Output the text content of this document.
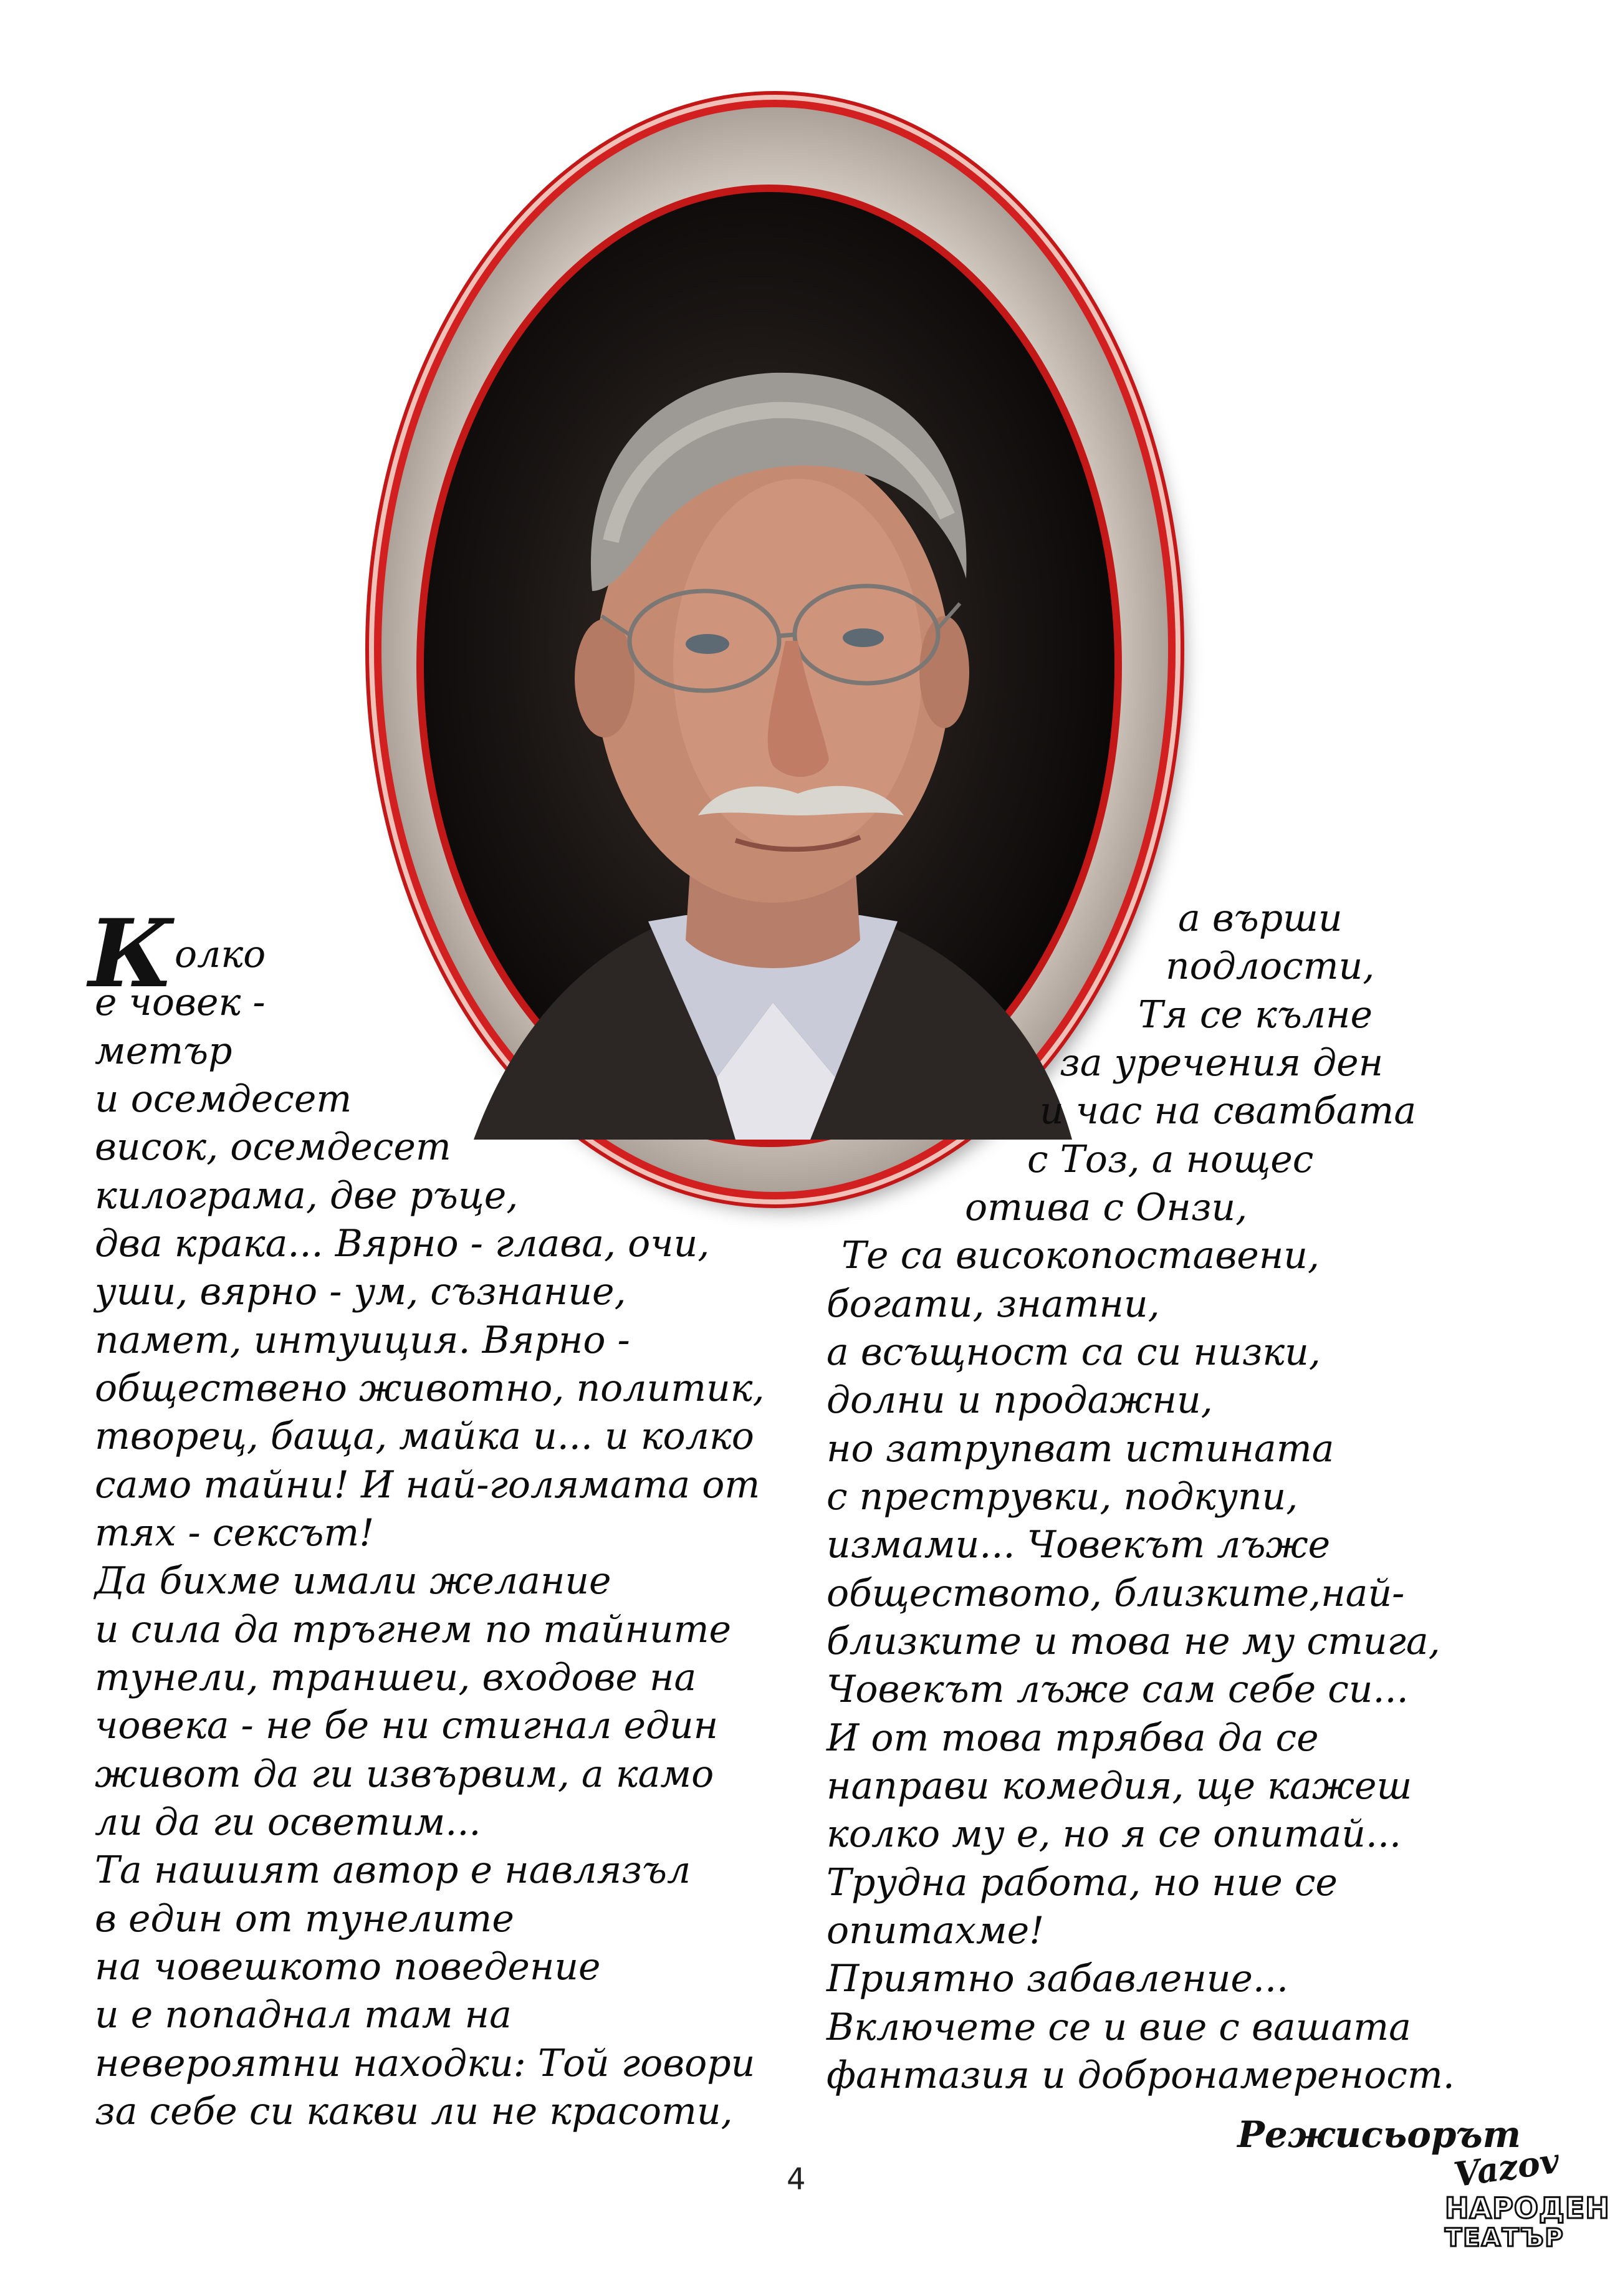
К олко
е човек -
метър
и осемдесет
висок, осемдесет
килограма, две ръце,
два крака... Вярно - глава, очи,
уши, вярно - ум, съзнание,
памет, интуиция. Вярно -
обществено животно, политик,
творец, баща, майка и... и колко
само тайни! И най-голямата от
тях - сексът!
Да бихме имали желание
и сила да тръгнем по тайните
тунели, траншеи, входове на
човека - не бе ни стигнал един
живот да ги извървим, а камо
ли да ги осветим...
Та нашият автор е навлязъл
в един от тунелите
на човешкото поведение
и е попаднал там на
невероятни находки: Той говори
за себе си какви ли не красоти,
а върши
подлости,
Тя се кълне
за уречения ден
и час на сватбата
с Тоз, а нощес
отива с Онзи,
Те са високопоставени,
богати, знатни,
а всъщност са си низки,
долни и продажни,
но затрупват истината
с преструвки, подкупи,
измами... Човекът лъже
обществото, близките,най-
близките и това не му стига,
Човекът лъже сам себе си...
И от това трябва да се
направи комедия, ще кажеш
колко му е, но я се опитай...
Трудна работа, но ние се
опитахме!
Приятно забавление...
Включете се и вие с вашата
фантазия и добронамереност.
Режисьорът
4	Vazov
НАРОДЕН
ТЕАТЪР
